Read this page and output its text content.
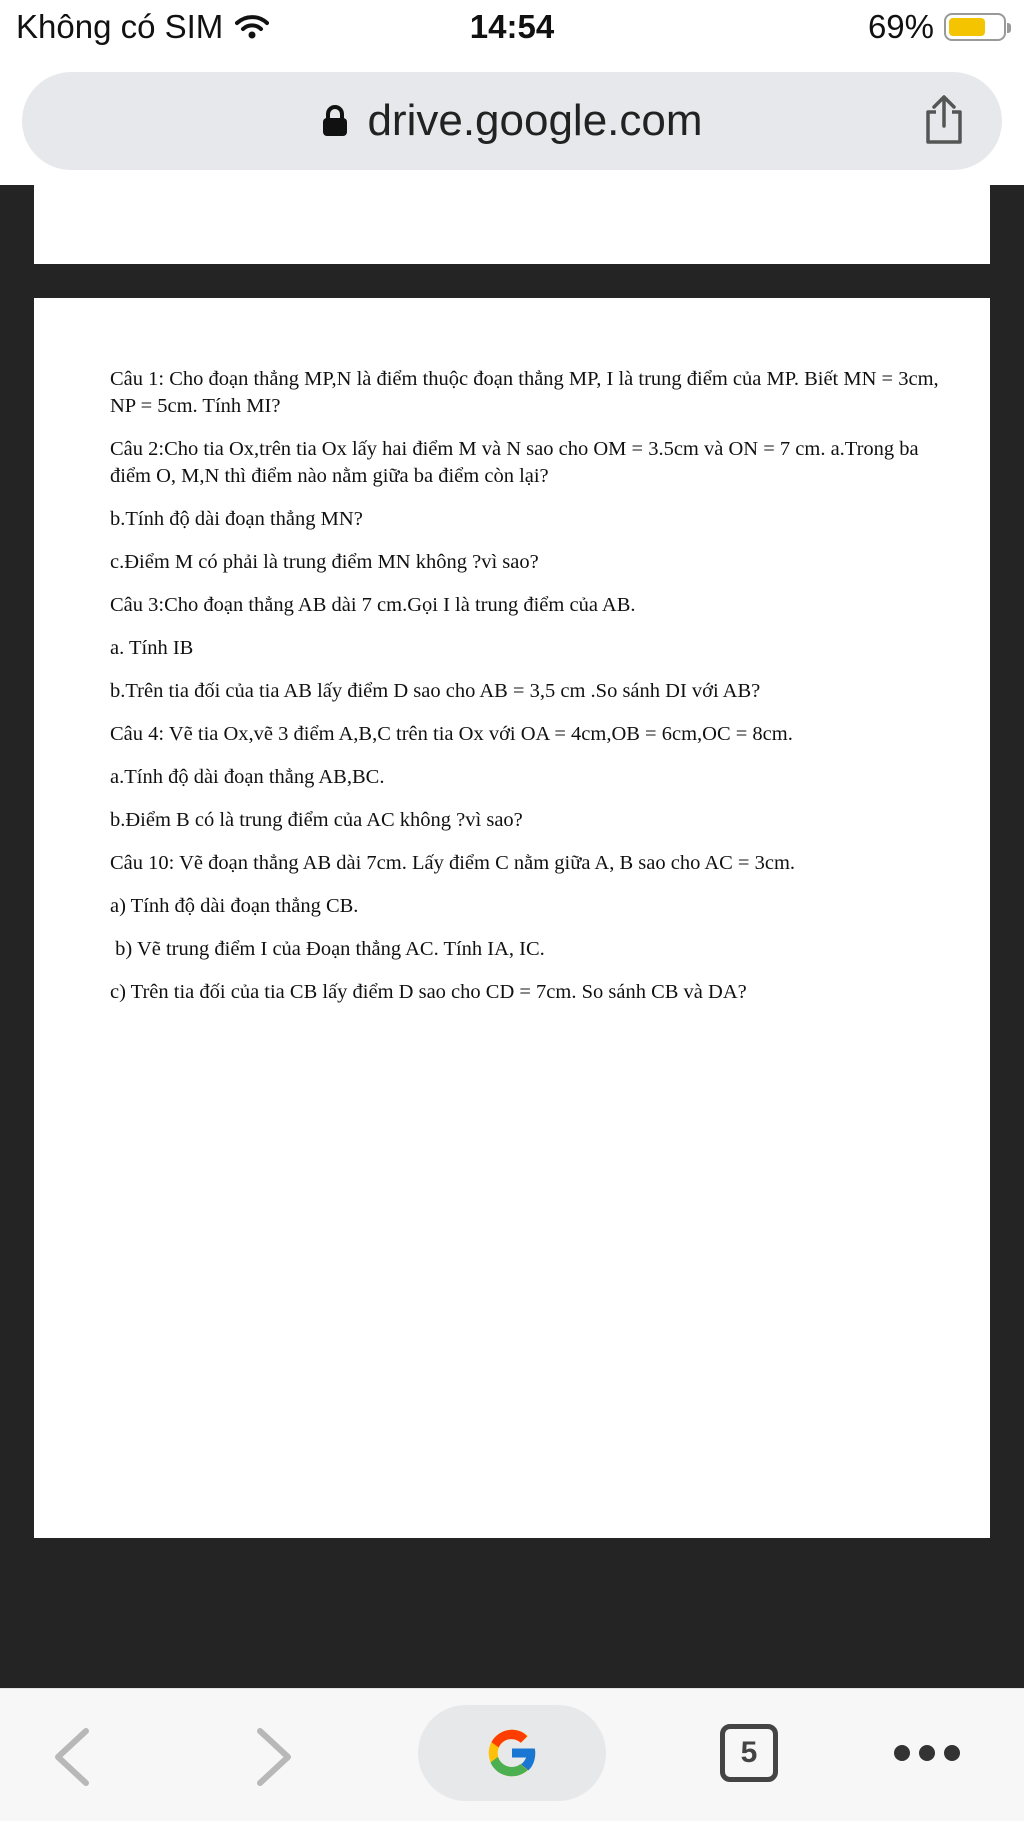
Không có SIM	14:54	69%
drive.google.com

Câu 1: Cho đoạn thẳng MP,N là điểm thuộc đoạn thẳng MP, I là trung điểm của MP. Biết MN = 3cm, NP = 5cm. Tính MI?

Câu 2:Cho tia Ox,trên tia Ox lấy hai điểm M và N sao cho OM = 3.5cm và ON = 7 cm. a.Trong ba điểm O, M,N thì điểm nào nằm giữa ba điểm còn lại?

b.Tính độ dài đoạn thẳng MN?

c.Điểm M có phải là trung điểm MN không ?vì sao?

Câu 3:Cho đoạn thẳng AB dài 7 cm.Gọi I là trung điểm của AB.

a. Tính IB

b.Trên tia đối của tia AB lấy điểm D sao cho AB = 3,5 cm .So sánh DI với AB?

Câu 4: Vẽ tia Ox,vẽ 3 điểm A,B,C trên tia Ox với OA = 4cm,OB = 6cm,OC = 8cm.

a.Tính độ dài đoạn thẳng AB,BC.

b.Điểm B có là trung điểm của AC không ?vì sao?

Câu 10: Vẽ đoạn thẳng AB dài 7cm. Lấy điểm C nằm giữa A, B sao cho AC = 3cm.

a) Tính độ dài đoạn thẳng CB.

b) Vẽ trung điểm I của Đoạn thẳng AC. Tính IA, IC.

c) Trên tia đối của tia CB lấy điểm D sao cho CD = 7cm. So sánh CB và DA?

5
